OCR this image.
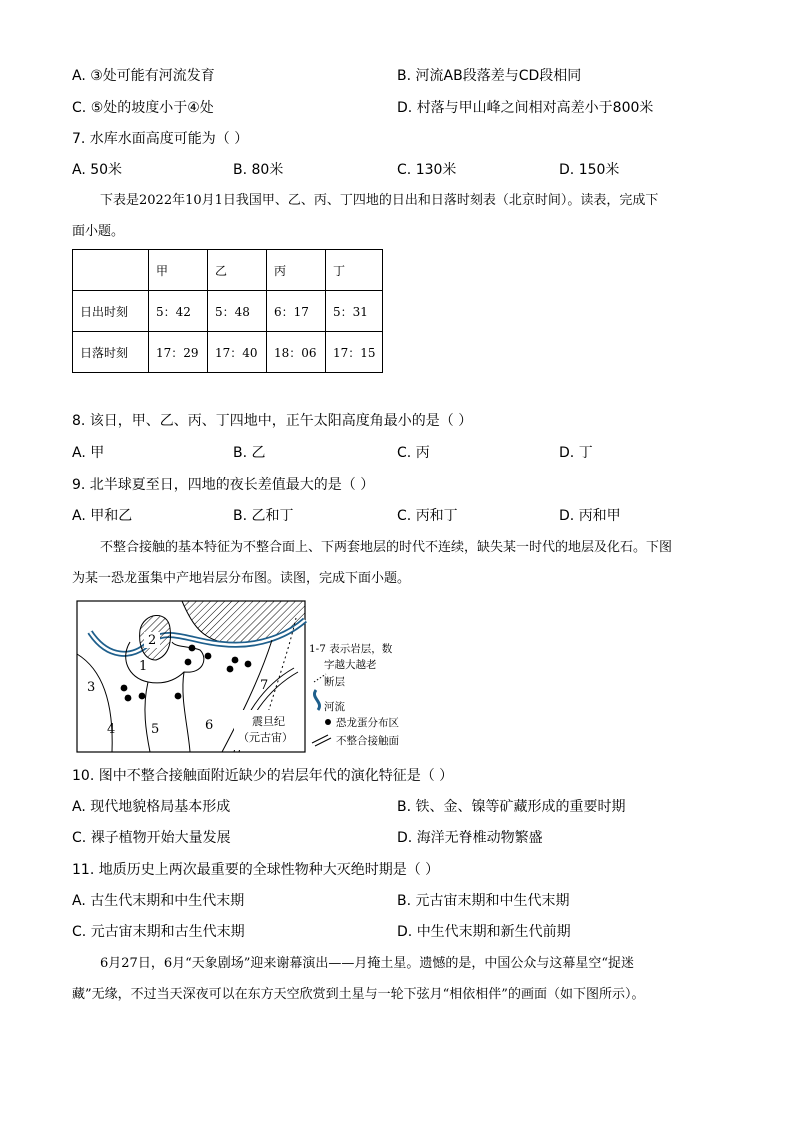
A. ③处可能有河流发育	B. 河流AB段落差与CD段相同
C. ⑤处的坡度小于④处	D. 村落与甲山峰之间相对高差小于800米
7. 水库水面高度可能为（ ）
A. 50米	B. 80米	C. 130米	D. 150米
下表是2022年10月1日我国甲、乙、丙、丁四地的日出和日落时刻表（北京时间）。读表，完成下
面小题。
	甲	乙	丙	丁
日出时刻	5：42	5：48	6：17	5：31
日落时刻	17：29	17：40	18：06	17：15
8. 该日，甲、乙、丙、丁四地中，正午太阳高度角最小的是（ ）
A. 甲	B. 乙	C. 丙	D. 丁
9. 北半球夏至日，四地的夜长差值最大的是（ ）
A. 甲和乙	B. 乙和丁	C. 丙和丁	D. 丙和甲
不整合接触的基本特征为不整合面上、下两套地层的时代不连续，缺失某一时代的地层及化石。下图
为某一恐龙蛋集中产地岩层分布图。读图，完成下面小题。
2
1
3
4	5	6
7
震旦纪
（元古宙）
1-7 表示岩层，数
字越大越老
断层
河流
恐龙蛋分布区
不整合接触面
10. 图中不整合接触面附近缺少的岩层年代的演化特征是（ ）
A. 现代地貌格局基本形成	B. 铁、金、镍等矿藏形成的重要时期
C. 裸子植物开始大量发展	D. 海洋无脊椎动物繁盛
11. 地质历史上两次最重要的全球性物种大灭绝时期是（ ）
A. 古生代末期和中生代末期	B. 元古宙末期和中生代末期
C. 元古宙末期和古生代末期	D. 中生代末期和新生代前期
6月27日，6月“天象剧场”迎来谢幕演出——月掩土星。遗憾的是，中国公众与这幕星空“捉迷
藏”无缘，不过当天深夜可以在东方天空欣赏到土星与一轮下弦月“相依相伴”的画面（如下图所示）。
